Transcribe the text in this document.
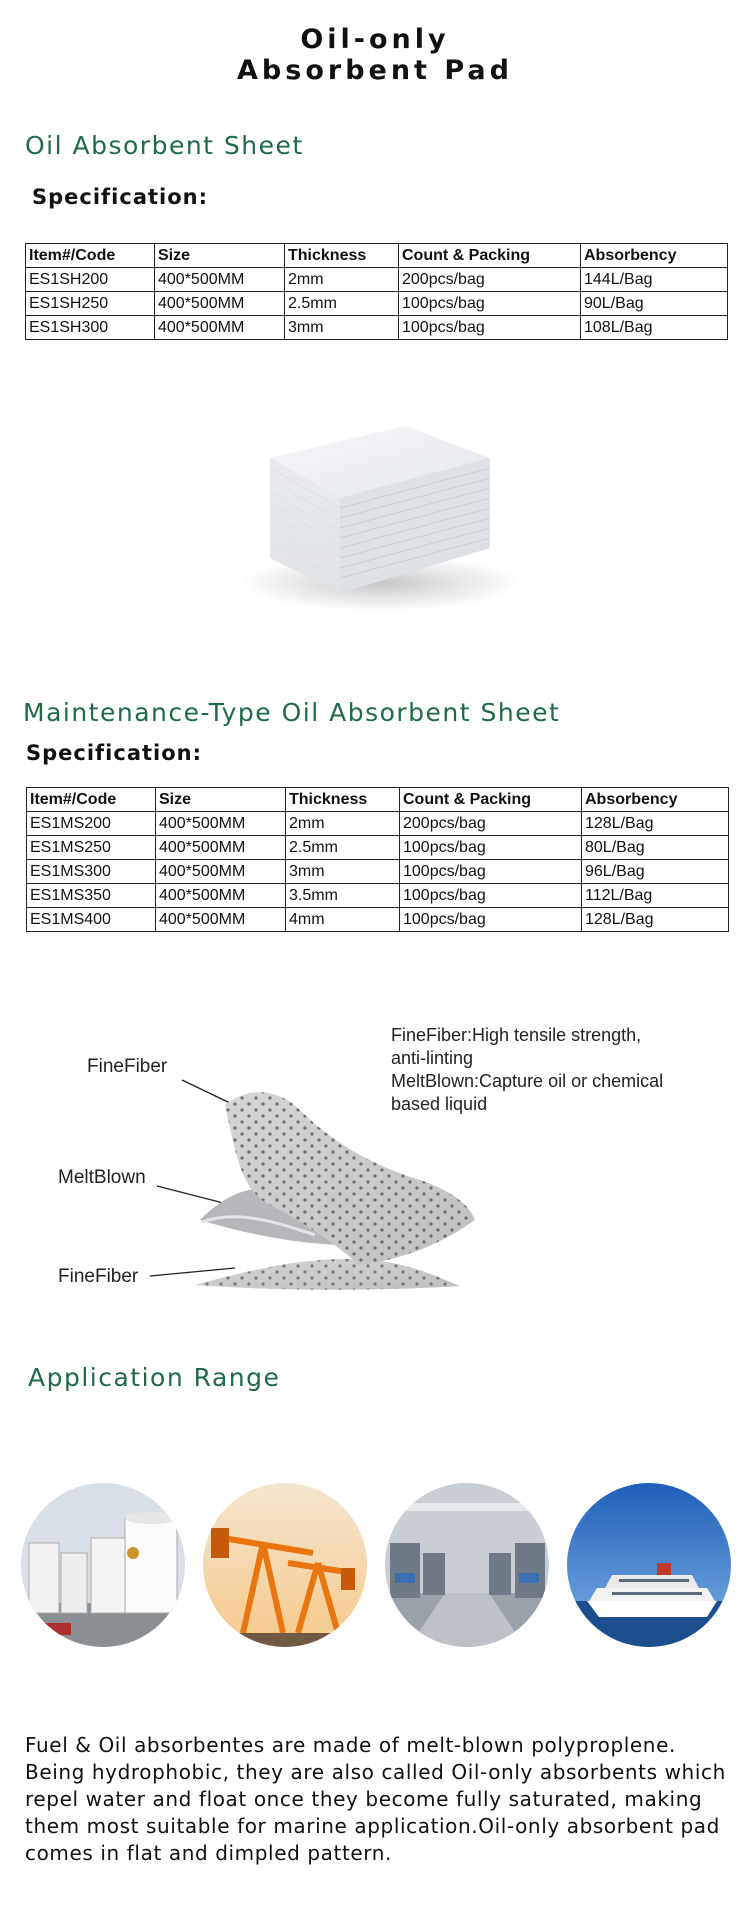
Oil-only
Absorbent Pad
Oil Absorbent Sheet
Specification:
Item#/Code	Size	Thickness	Count & Packing	Absorbency
ES1SH200	400*500MM	2mm	200pcs/bag	144L/Bag
ES1SH250	400*500MM	2.5mm	100pcs/bag	90L/Bag
ES1SH300	400*500MM	3mm	100pcs/bag	108L/Bag
Maintenance-Type Oil Absorbent Sheet
Specification:
Item#/Code	Size	Thickness	Count & Packing	Absorbency
ES1MS200	400*500MM	2mm	200pcs/bag	128L/Bag
ES1MS250	400*500MM	2.5mm	100pcs/bag	80L/Bag
ES1MS300	400*500MM	3mm	100pcs/bag	96L/Bag
ES1MS350	400*500MM	3.5mm	100pcs/bag	112L/Bag
ES1MS400	400*500MM	4mm	100pcs/bag	128L/Bag
FineFiber:High tensile strength,
anti-linting
MeltBlown:Capture oil or chemical
based liquid
FineFiber
MeltBlown
FineFiber
Application Range
Fuel & Oil absorbentes are made of melt-blown polyproplene. Being hydrophobic, they are also called Oil-only absorbents which repel water and float once they become fully saturated, making them most suitable for marine application.Oil-only absorbent pad comes in flat and dimpled pattern.
